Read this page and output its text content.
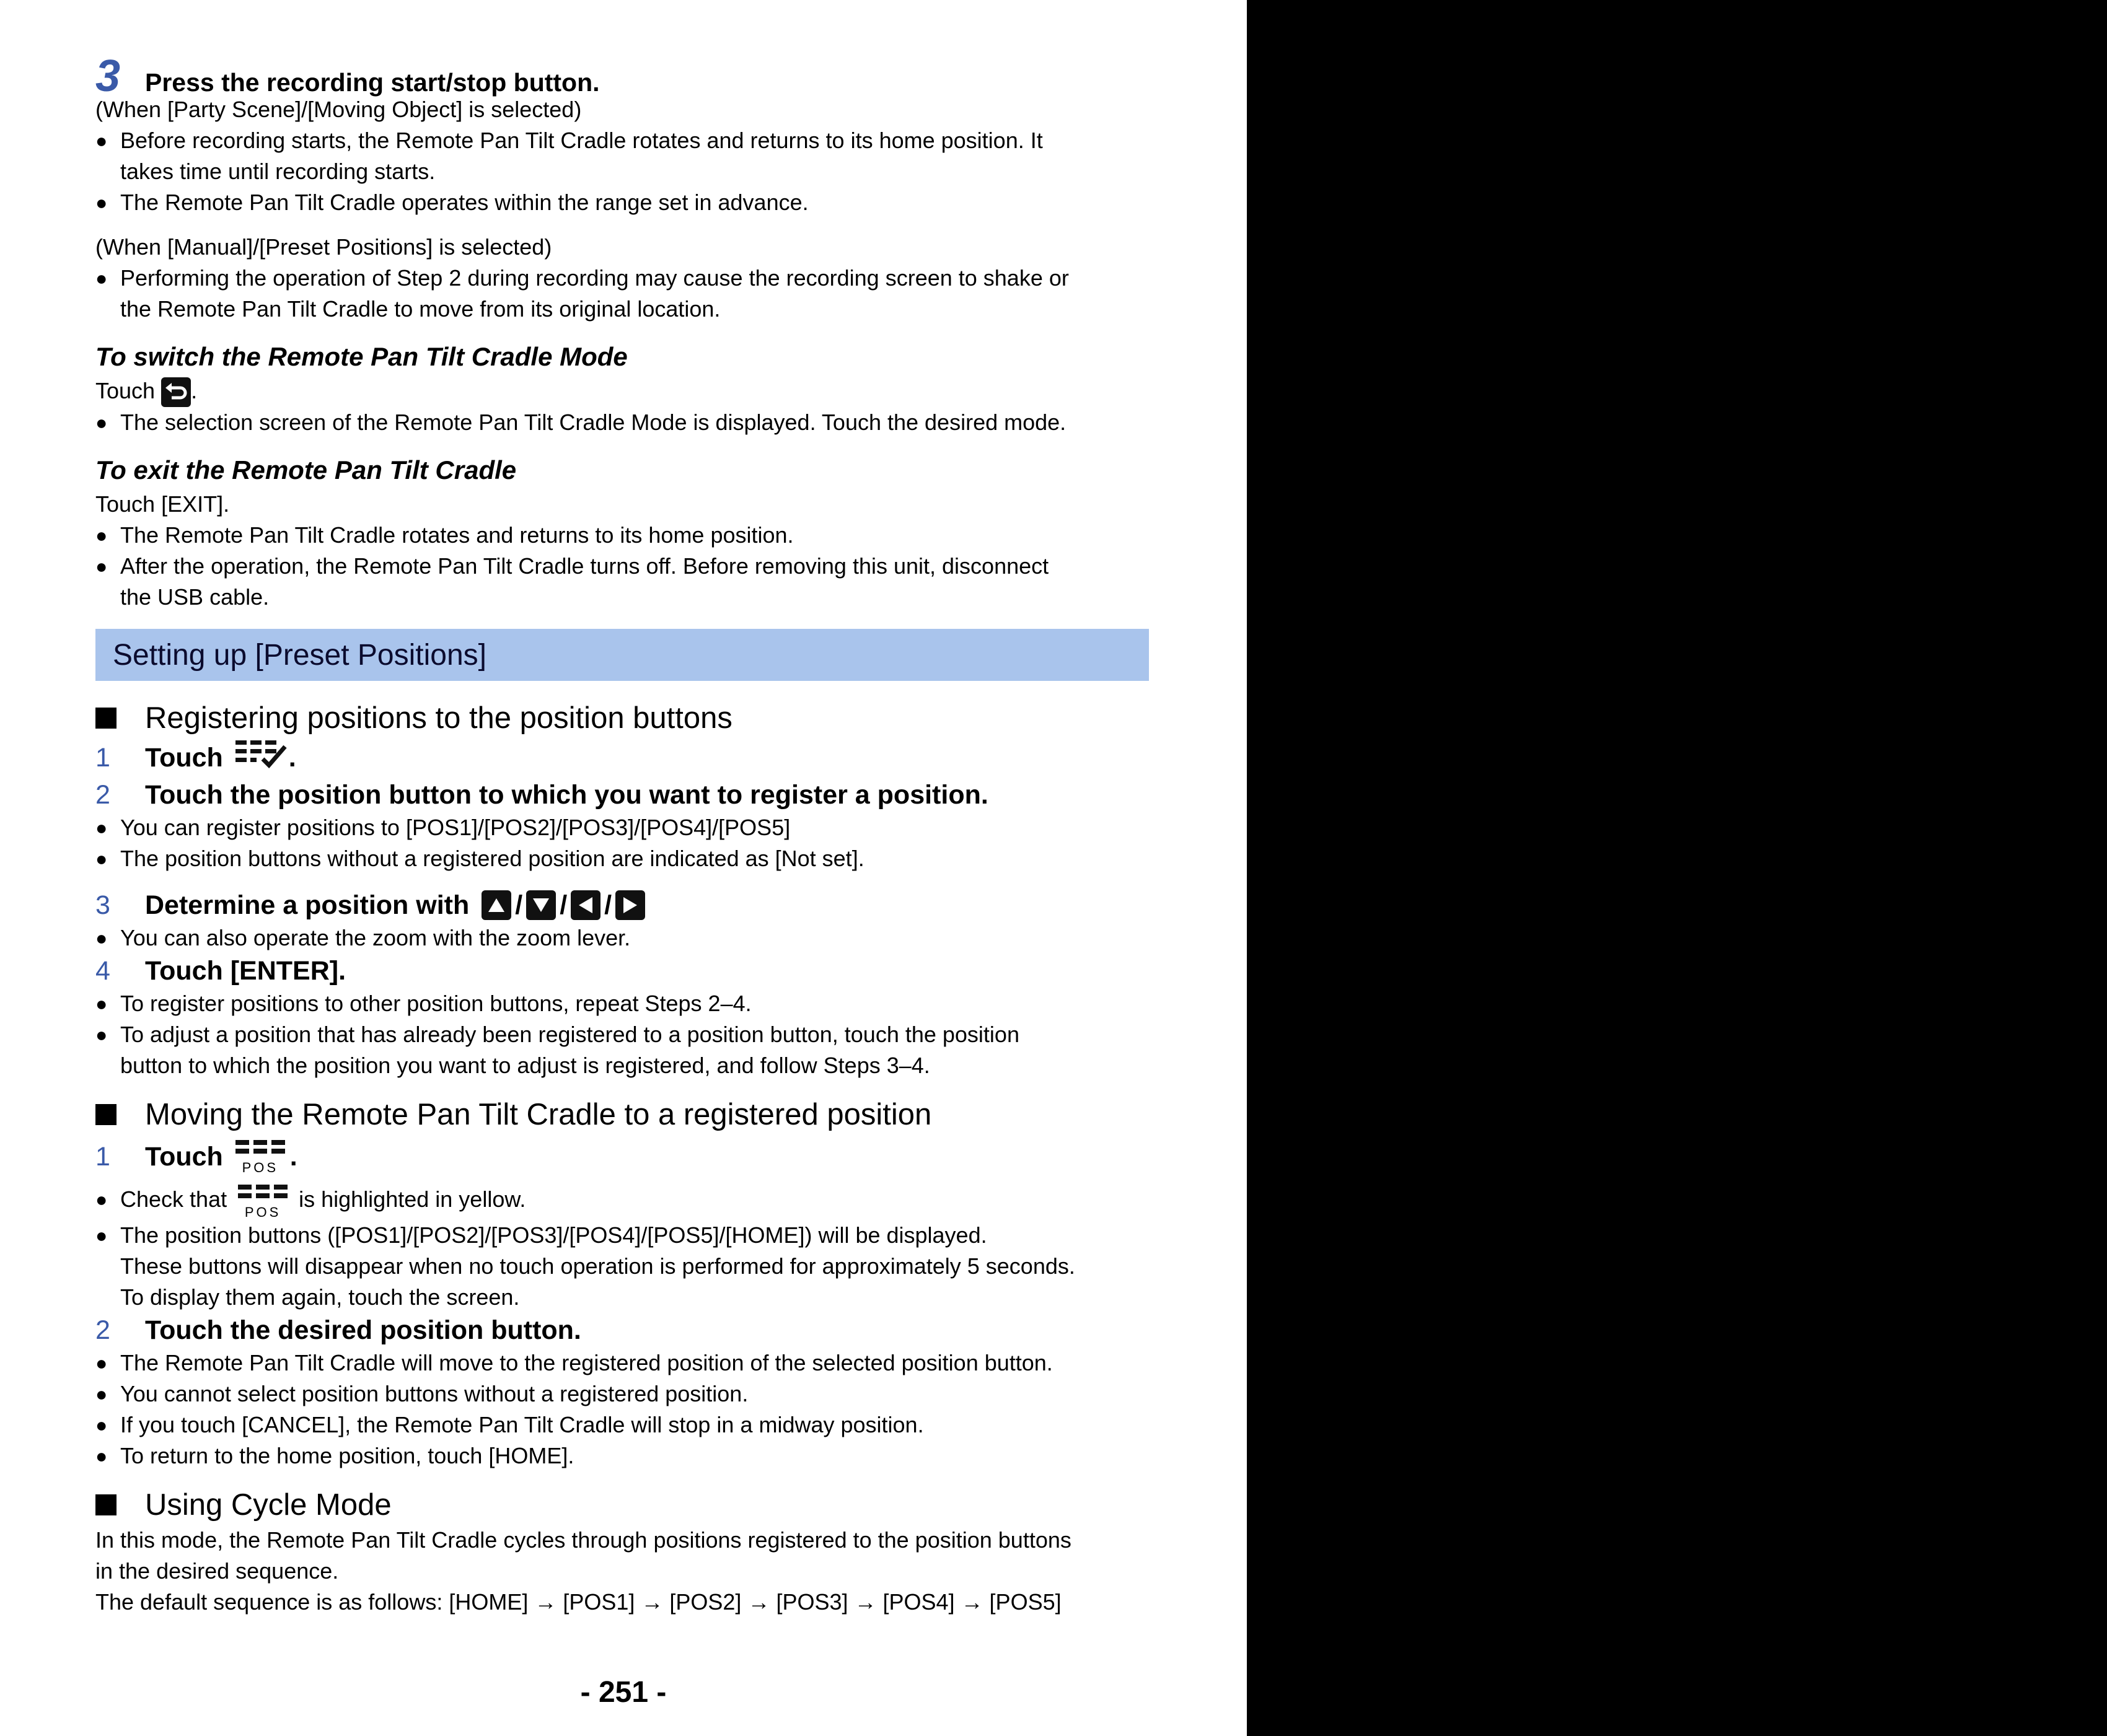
3 Press the recording start/stop button.

(When [Party Scene]/[Moving Object] is selected)

● Before recording starts, the Remote Pan Tilt Cradle rotates and returns to its home position. It
takes time until recording starts.

● The Remote Pan Tilt Cradle operates within the range set in advance.

(When [Manual]/[Preset Positions] is selected)

● Performing the operation of Step 2 during recording may cause the recording screen to shake or
the Remote Pan Tilt Cradle to move from its original location.

To switch the Remote Pan Tilt Cradle Mode

Touch .

● The selection screen of the Remote Pan Tilt Cradle Mode is displayed. Touch the desired mode.

To exit the Remote Pan Tilt Cradle

Touch [EXIT].

● The Remote Pan Tilt Cradle rotates and returns to its home position.

● After the operation, the Remote Pan Tilt Cradle turns off. Before removing this unit, disconnect
the USB cable.

Setting up [Preset Positions]
Registering positions to the position buttons
1	Touch .
2	Touch the position button to which you want to register a position.

● You can register positions to [POS1]/[POS2]/[POS3]/[POS4]/[POS5]

● The position buttons without a registered position are indicated as [Not set].

3	Determine a position with / / /

● You can also operate the zoom with the zoom lever.

4	Touch [ENTER].

● To register positions to other position buttons, repeat Steps 2–4.

● To adjust a position that has already been registered to a position button, touch the position
button to which the position you want to adjust is registered, and follow Steps 3–4.

Moving the Remote Pan Tilt Cradle to a registered position
1	Touch POS .

● Check that POS is highlighted in yellow.

● The position buttons ([POS1]/[POS2]/[POS3]/[POS4]/[POS5]/[HOME]) will be displayed.
These buttons will disappear when no touch operation is performed for approximately 5 seconds.
To display them again, touch the screen.

2	Touch the desired position button.

● The Remote Pan Tilt Cradle will move to the registered position of the selected position button.

● You cannot select position buttons without a registered position.

● If you touch [CANCEL], the Remote Pan Tilt Cradle will stop in a midway position.

● To return to the home position, touch [HOME].

Using Cycle Mode

In this mode, the Remote Pan Tilt Cradle cycles through positions registered to the position buttons
in the desired sequence.
The default sequence is as follows: [HOME] → [POS1] → [POS2] → [POS3] → [POS4] → [POS5]

- 251 -
